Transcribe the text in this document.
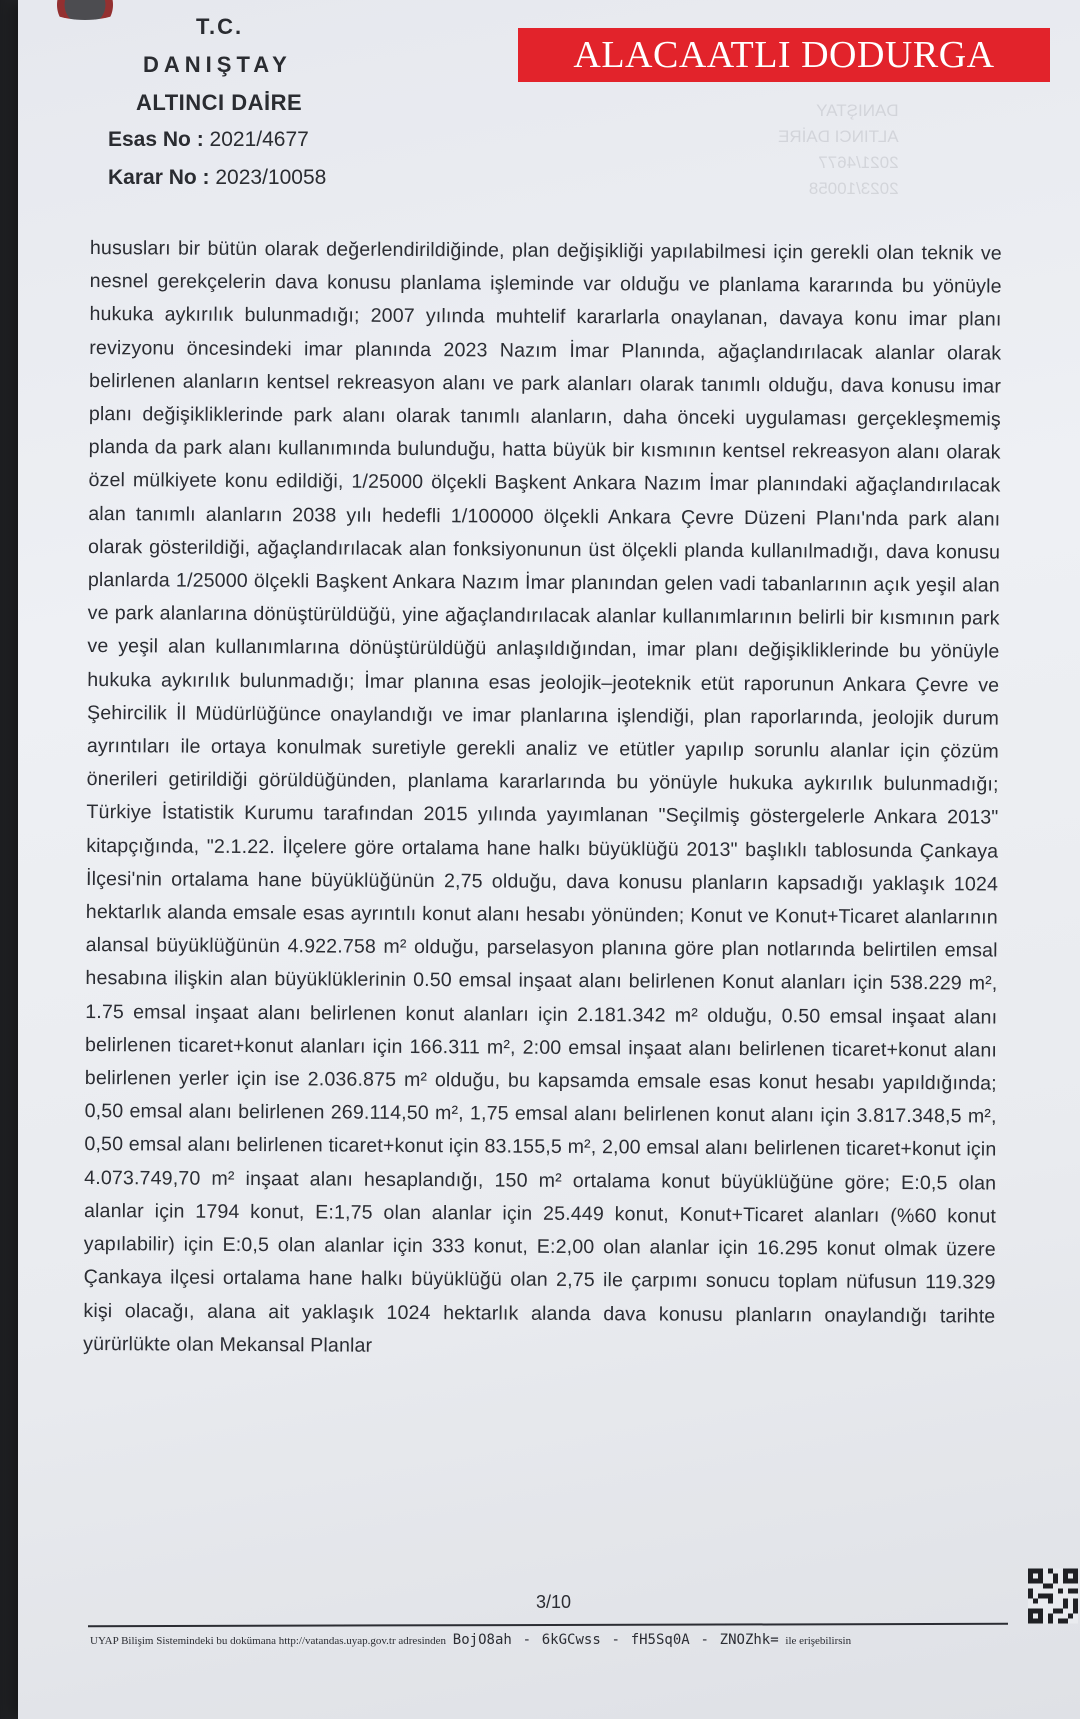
T.C.
DANIŞTAY
ALTINCI DAİRE
Esas No : 2021/4677
Karar No : 2023/10058
ALACAATLI DODURGA
DANIŞTAY
ALTINCI DAİRE
2021/4677
2023/10058

hususları bir bütün olarak değerlendirildiğinde, plan değişikliği yapılabilmesi için gerekli olan teknik ve nesnel gerekçelerin dava konusu planlama işleminde var olduğu ve planlama kararında bu yönüyle hukuka aykırılık bulunmadığı; 2007 yılında muhtelif kararlarla onaylanan, davaya konu imar planı revizyonu öncesindeki imar planında 2023 Nazım İmar Planında, ağaçlandırılacak alanlar olarak belirlenen alanların kentsel rekreasyon alanı ve park alanları olarak tanımlı olduğu, dava konusu imar planı değişikliklerinde park alanı olarak tanımlı alanların, daha önceki uygulaması gerçekleşmemiş planda da park alanı kullanımında bulunduğu, hatta büyük bir kısmının kentsel rekreasyon alanı olarak özel mülkiyete konu edildiği, 1/25000 ölçekli Başkent Ankara Nazım İmar planındaki ağaçlandırılacak alan tanımlı alanların 2038 yılı hedefli 1/100000 ölçekli Ankara Çevre Düzeni Planı'nda park alanı olarak gösterildiği, ağaçlandırılacak alan fonksiyonunun üst ölçekli planda kullanılmadığı, dava konusu planlarda 1/25000 ölçekli Başkent Ankara Nazım İmar planından gelen vadi tabanlarının açık yeşil alan ve park alanlarına dönüştürüldüğü, yine ağaçlandırılacak alanlar kullanımlarının belirli bir kısmının park ve yeşil alan kullanımlarına dönüştürüldüğü anlaşıldığından, imar planı değişikliklerinde bu yönüyle hukuka aykırılık bulunmadığı; İmar planına esas jeolojik–jeoteknik etüt raporunun Ankara Çevre ve Şehircilik İl Müdürlüğünce onaylandığı ve imar planlarına işlendiği, plan raporlarında, jeolojik durum ayrıntıları ile ortaya konulmak suretiyle gerekli analiz ve etütler yapılıp sorunlu alanlar için çözüm önerileri getirildiği görüldüğünden, planlama kararlarında bu yönüyle hukuka aykırılık bulunmadığı; Türkiye İstatistik Kurumu tarafından 2015 yılında yayımlanan "Seçilmiş göstergelerle Ankara 2013" kitapçığında, "2.1.22. İlçelere göre ortalama hane halkı büyüklüğü 2013" başlıklı tablosunda Çankaya İlçesi'nin ortalama hane büyüklüğünün 2,75 olduğu, dava konusu planların kapsadığı yaklaşık 1024 hektarlık alanda emsale esas ayrıntılı konut alanı hesabı yönünden; Konut ve Konut+Ticaret alanlarının alansal büyüklüğünün 4.922.758 m² olduğu, parselasyon planına göre plan notlarında belirtilen emsal hesabına ilişkin alan büyüklüklerinin 0.50 emsal inşaat alanı belirlenen Konut alanları için 538.229 m², 1.75 emsal inşaat alanı belirlenen konut alanları için 2.181.342 m² olduğu, 0.50 emsal inşaat alanı belirlenen ticaret+konut alanları için 166.311 m², 2:00 emsal inşaat alanı belirlenen ticaret+konut alanı belirlenen yerler için ise 2.036.875 m² olduğu, bu kapsamda emsale esas konut hesabı yapıldığında; 0,50 emsal alanı belirlenen 269.114,50 m², 1,75 emsal alanı belirlenen konut alanı için 3.817.348,5 m², 0,50 emsal alanı belirlenen ticaret+konut için 83.155,5 m², 2,00 emsal alanı belirlenen ticaret+konut için 4.073.749,70 m² inşaat alanı hesaplandığı, 150 m² ortalama konut büyüklüğüne göre; E:0,5 olan alanlar için 1794 konut, E:1,75 olan alanlar için 25.449 konut, Konut+Ticaret alanları (%60 konut yapılabilir) için E:0,5 olan alanlar için 333 konut, E:2,00 olan alanlar için 16.295 konut olmak üzere Çankaya ilçesi ortalama hane halkı büyüklüğü olan 2,75 ile çarpımı sonucu toplam nüfusun 119.329 kişi olacağı, alana ait yaklaşık 1024 hektarlık alanda dava konusu planların onaylandığı tarihte yürürlükte olan Mekansal Planlar

3/10
UYAP Bilişim Sistemindeki bu dokümana http://vatandas.uyap.gov.tr adresinden BojO8ah - 6kGCwss - fH5Sq0A - ZNOZhk= ile erişebilirsin
